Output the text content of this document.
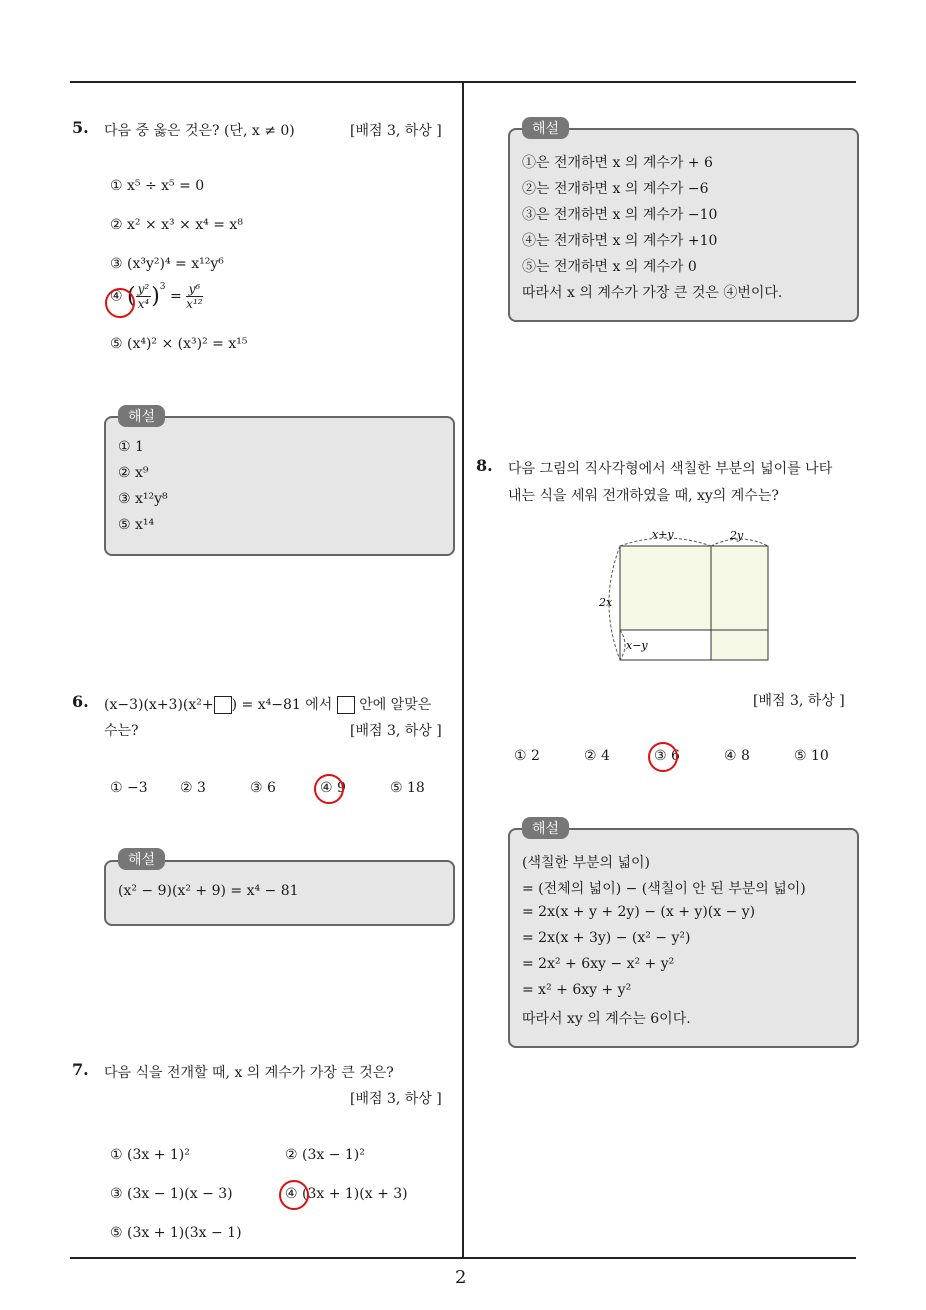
2
5. 다음 중 옳은 것은? (단, x ≠ 0)	[배점 3, 하상 ]
① x⁵ ÷ x⁵ = 0
② x² × x³ × x⁴ = x⁸
③ (x³y²)⁴ = x¹²y⁶
④ ( $\frac{\text{y²}}{\text{x⁴}} )^3 = \frac{\text{y⁶}}{\text{x¹²}}$
⑤ (x⁴)² × (x³)² = x¹⁵
해설
① 1
② x⁹
③ x¹²y⁸
⑤ x¹⁴
6. (x−3)(x+3)(x²+ ) = x⁴−81 에서 안에 알맞은
수는?	[배점 3, 하상 ]
① −3 ② 3	③ 6	④ 9	⑤ 18
해설
(x² − 9)(x² + 9) = x⁴ − 81
7. 다음 식을 전개할 때, x 의 계수가 가장 큰 것은?
[배점 3, 하상 ]
① (3x + 1)²	② (3x − 1)²
③ (3x − 1)(x − 3)	④ (3x + 1)(x + 3)
⑤ (3x + 1)(3x − 1)
해설
①은 전개하면 x 의 계수가 + 6
②는 전개하면 x 의 계수가 −6
③은 전개하면 x 의 계수가 −10
④는 전개하면 x 의 계수가 +10
⑤는 전개하면 x 의 계수가 0
따라서 x 의 계수가 가장 큰 것은 ④번이다.
8. 다음 그림의 직사각형에서 색칠한 부분의 넓이를 나타
내는 식을 세워 전개하였을 때, xy의 계수는?
x+y	2y
2x
x−y
[배점 3, 하상 ]
① 2	② 4	③ 6	④ 8	⑤ 10
해설
(색칠한 부분의 넓이)
= (전체의 넓이) − (색칠이 안 된 부분의 넓이)
= 2x(x + y + 2y) − (x + y)(x − y)
= 2x(x + 3y) − (x² − y²)
= 2x² + 6xy − x² + y²
= x² + 6xy + y²
따라서 xy 의 계수는 6이다.
